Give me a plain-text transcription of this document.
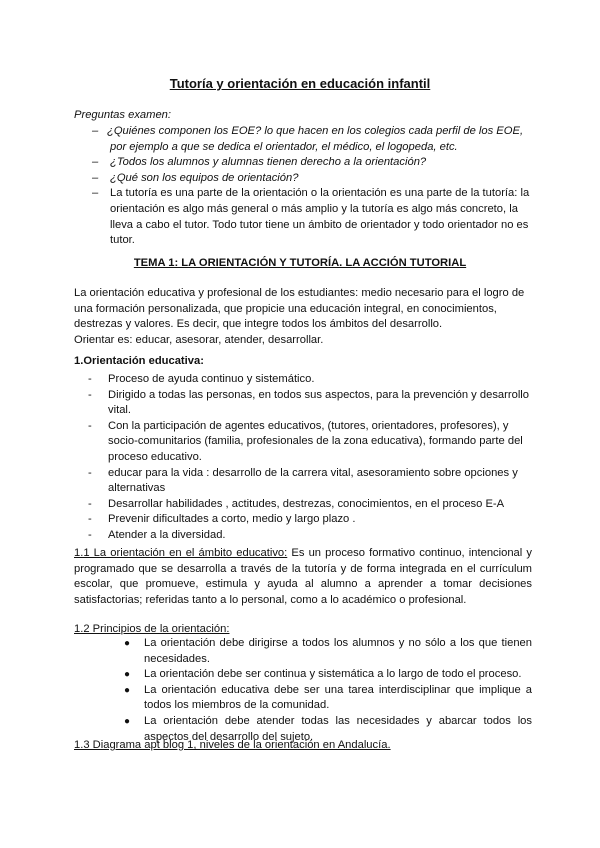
Tutoría y orientación en educación infantil
Preguntas examen:
– ¿Quiénes componen los EOE? lo que hacen en los colegios cada perfil de los EOE, por ejemplo a que se dedica el orientador, el médico, el logopeda, etc.
– ¿Todos los alumnos y alumnas tienen derecho a la orientación?
– ¿Qué son los equipos de orientación?
– La tutoría es una parte de la orientación o la orientación es una parte de la tutoría: la orientación es algo más general o más amplio y la tutoría es algo más concreto, la lleva a cabo el tutor. Todo tutor tiene un ámbito de orientador y todo orientador no es tutor.
TEMA 1: LA ORIENTACIÓN Y TUTORÍA. LA ACCIÓN TUTORIAL
La orientación educativa y profesional de los estudiantes: medio necesario para el logro de una formación personalizada, que propicie una educación integral, en conocimientos, destrezas y valores. Es decir, que integre todos los ámbitos del desarrollo.
Orientar es: educar, asesorar, atender, desarrollar.
1.Orientación educativa:
- Proceso de ayuda continuo y sistemático.
- Dirigido a todas las personas, en todos sus aspectos, para la prevención y desarrollo vital.
- Con la participación de agentes educativos, (tutores, orientadores, profesores), y socio-comunitarios (familia, profesionales de la zona educativa), formando parte del proceso educativo.
- educar para la vida : desarrollo de la carrera vital, asesoramiento sobre opciones y alternativas
- Desarrollar habilidades , actitudes, destrezas, conocimientos, en el proceso E-A
- Prevenir dificultades a corto, medio y largo plazo .
- Atender a la diversidad.
1.1 La orientación en el ámbito educativo: Es un proceso formativo continuo, intencional y programado que se desarrolla a través de la tutoría y de forma integrada en el currículum escolar, que promueve, estimula y ayuda al alumno a aprender a tomar decisiones satisfactorias; referidas tanto a lo personal, como a lo académico o profesional.
1.2 Principios de la orientación:
● La orientación debe dirigirse a todos los alumnos y no sólo a los que tienen necesidades.
● La orientación debe ser continua y sistemática a lo largo de todo el proceso.
● La orientación educativa debe ser una tarea interdisciplinar que implique a todos los miembros de la comunidad.
● La orientación debe atender todas las necesidades y abarcar todos los aspectos del desarrollo del sujeto.
1.3 Diagrama apt blog 1, niveles de la orientación en Andalucía.
